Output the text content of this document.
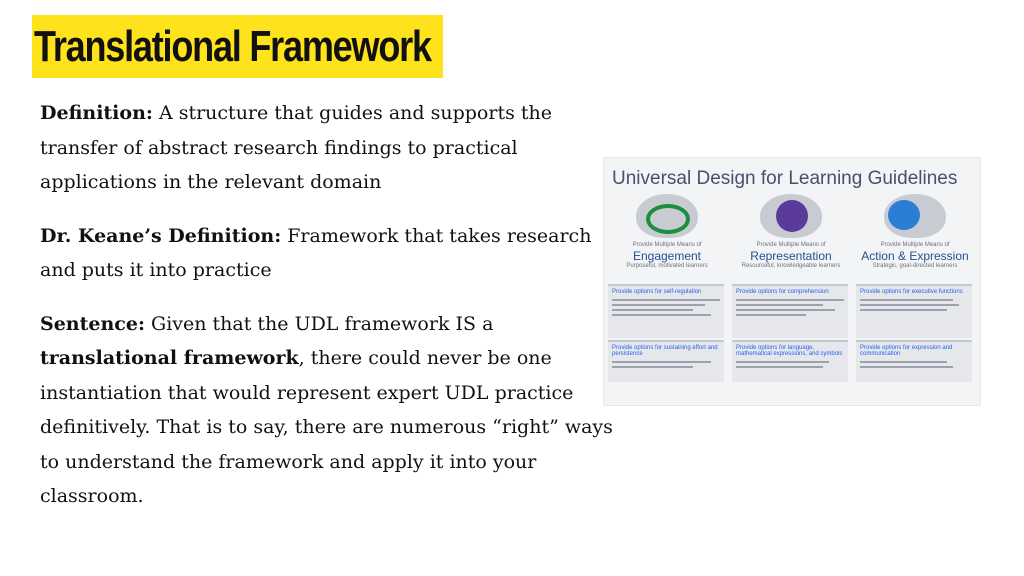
Translational Framework

Definition: A structure that guides and supports the transfer of abstract research findings to practical applications in the relevant domain

Dr. Keane’s Definition: Framework that takes research and puts it into practice

Sentence: Given that the UDL framework IS a translational framework, there could never be one instantiation that would represent expert UDL practice definitively. That is to say, there are numerous “right” ways to understand the framework and apply it into your classroom.

Universal Design for Learning Guidelines
Provide Multiple Means of
Engagement
Purposeful, motivated learners
Provide Multiple Means of
Representation
Resourceful, knowledgeable learners
Provide Multiple Means of
Action & Expression
Strategic, goal-directed learners
Provide options for self-regulation	Provide options for comprehension	Provide options for executive functions
Provide options for sustaining effort and persistence
Provide options for language, mathematical expressions, and symbols
Provide options for expression and communication
